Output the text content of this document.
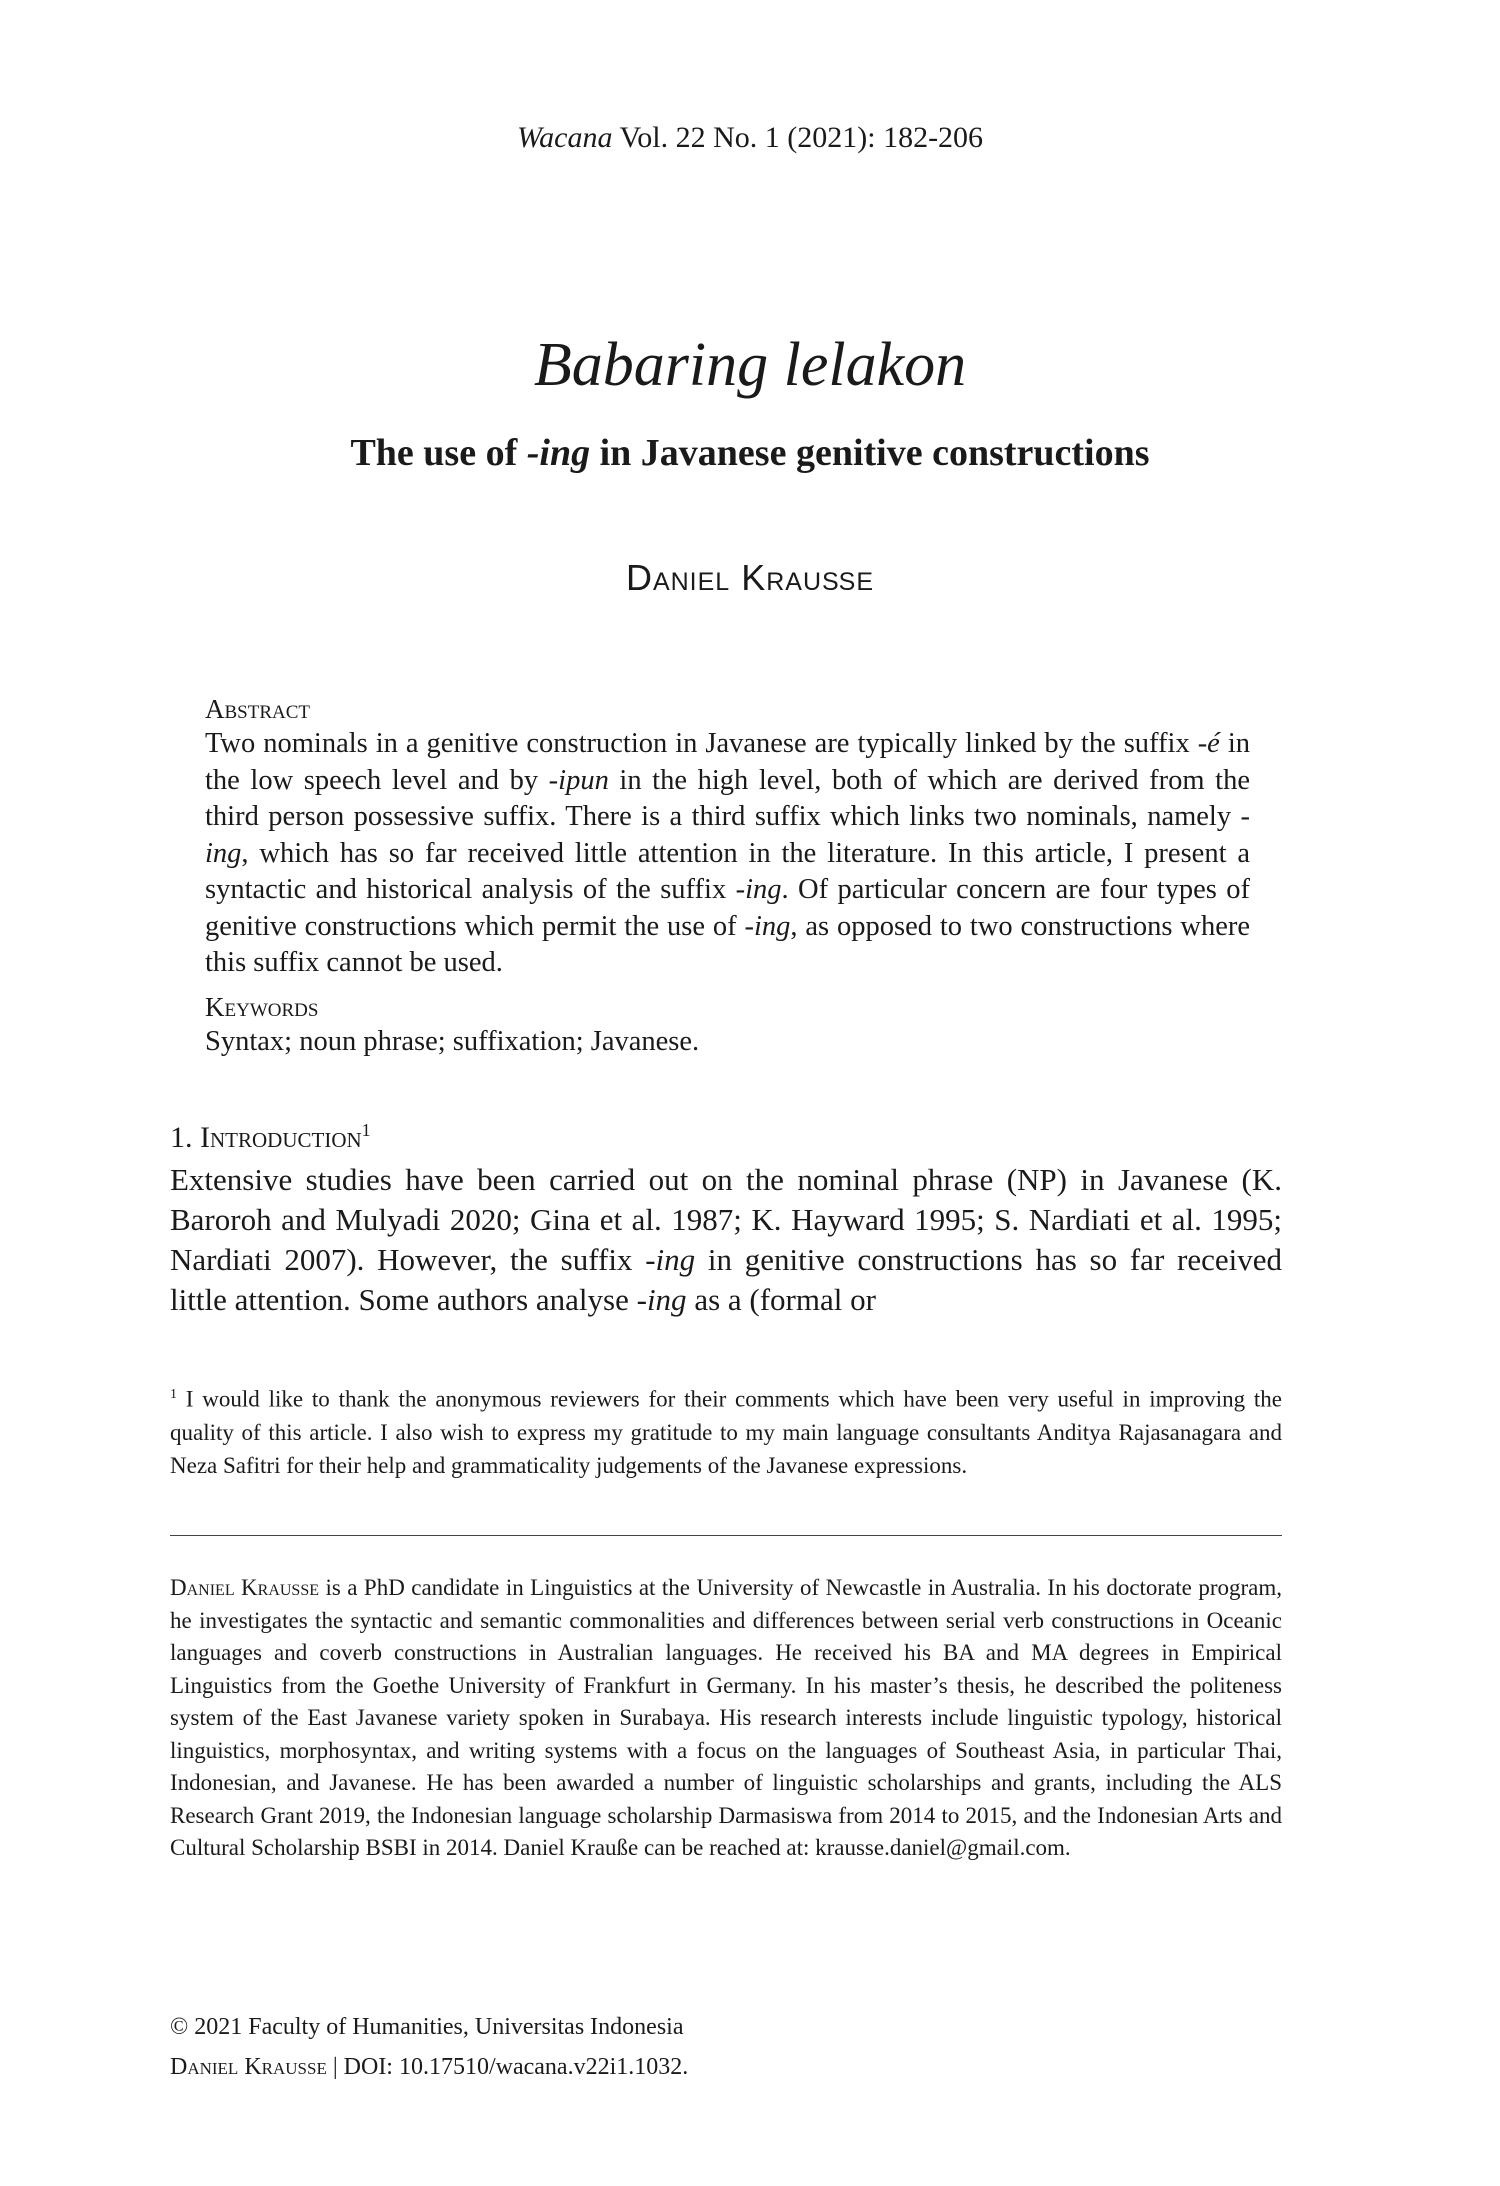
Wacana Vol. 22 No. 1 (2021): 182-206
Babaring lelakon
The use of -ing in Javanese genitive constructions
Daniel Krauße
Abstract

Two nominals in a genitive construction in Javanese are typically linked by the suffix -é in the low speech level and by -ipun in the high level, both of which are derived from the third person possessive suffix. There is a third suffix which links two nominals, namely -ing, which has so far received little attention in the literature. In this article, I present a syntactic and historical analysis of the suffix -ing. Of particular concern are four types of genitive constructions which permit the use of -ing, as opposed to two constructions where this suffix cannot be used.

Keywords

Syntax; noun phrase; suffixation; Javanese.

1. Introduction$^1$

Extensive studies have been carried out on the nominal phrase (NP) in Javanese (K. Baroroh and Mulyadi 2020; Gina et al. 1987; K. Hayward 1995; S. Nardiati et al. 1995; Nardiati 2007). However, the suffix -ing in genitive constructions has so far received little attention. Some authors analyse -ing as a (formal or

$^1$ I would like to thank the anonymous reviewers for their comments which have been very useful in improving the quality of this article. I also wish to express my gratitude to my main language consultants Anditya Rajasanagara and Neza Safitri for their help and grammaticality judgements of the Javanese expressions.

Daniel Krauße is a PhD candidate in Linguistics at the University of Newcastle in Australia. In his doctorate program, he investigates the syntactic and semantic commonalities and differences between serial verb constructions in Oceanic languages and coverb constructions in Australian languages. He received his BA and MA degrees in Empirical Linguistics from the Goethe University of Frankfurt in Germany. In his master’s thesis, he described the politeness system of the East Javanese variety spoken in Surabaya. His research interests include linguistic typology, historical linguistics, morphosyntax, and writing systems with a focus on the languages of Southeast Asia, in particular Thai, Indonesian, and Javanese. He has been awarded a number of linguistic scholarships and grants, including the ALS Research Grant 2019, the Indonesian language scholarship Darmasiswa from 2014 to 2015, and the Indonesian Arts and Cultural Scholarship BSBI in 2014. Daniel Krauße can be reached at: krausse.daniel@gmail.com.

© 2021 Faculty of Humanities, Universitas Indonesia
Daniel Krauße | DOI: 10.17510/wacana.v22i1.1032.
